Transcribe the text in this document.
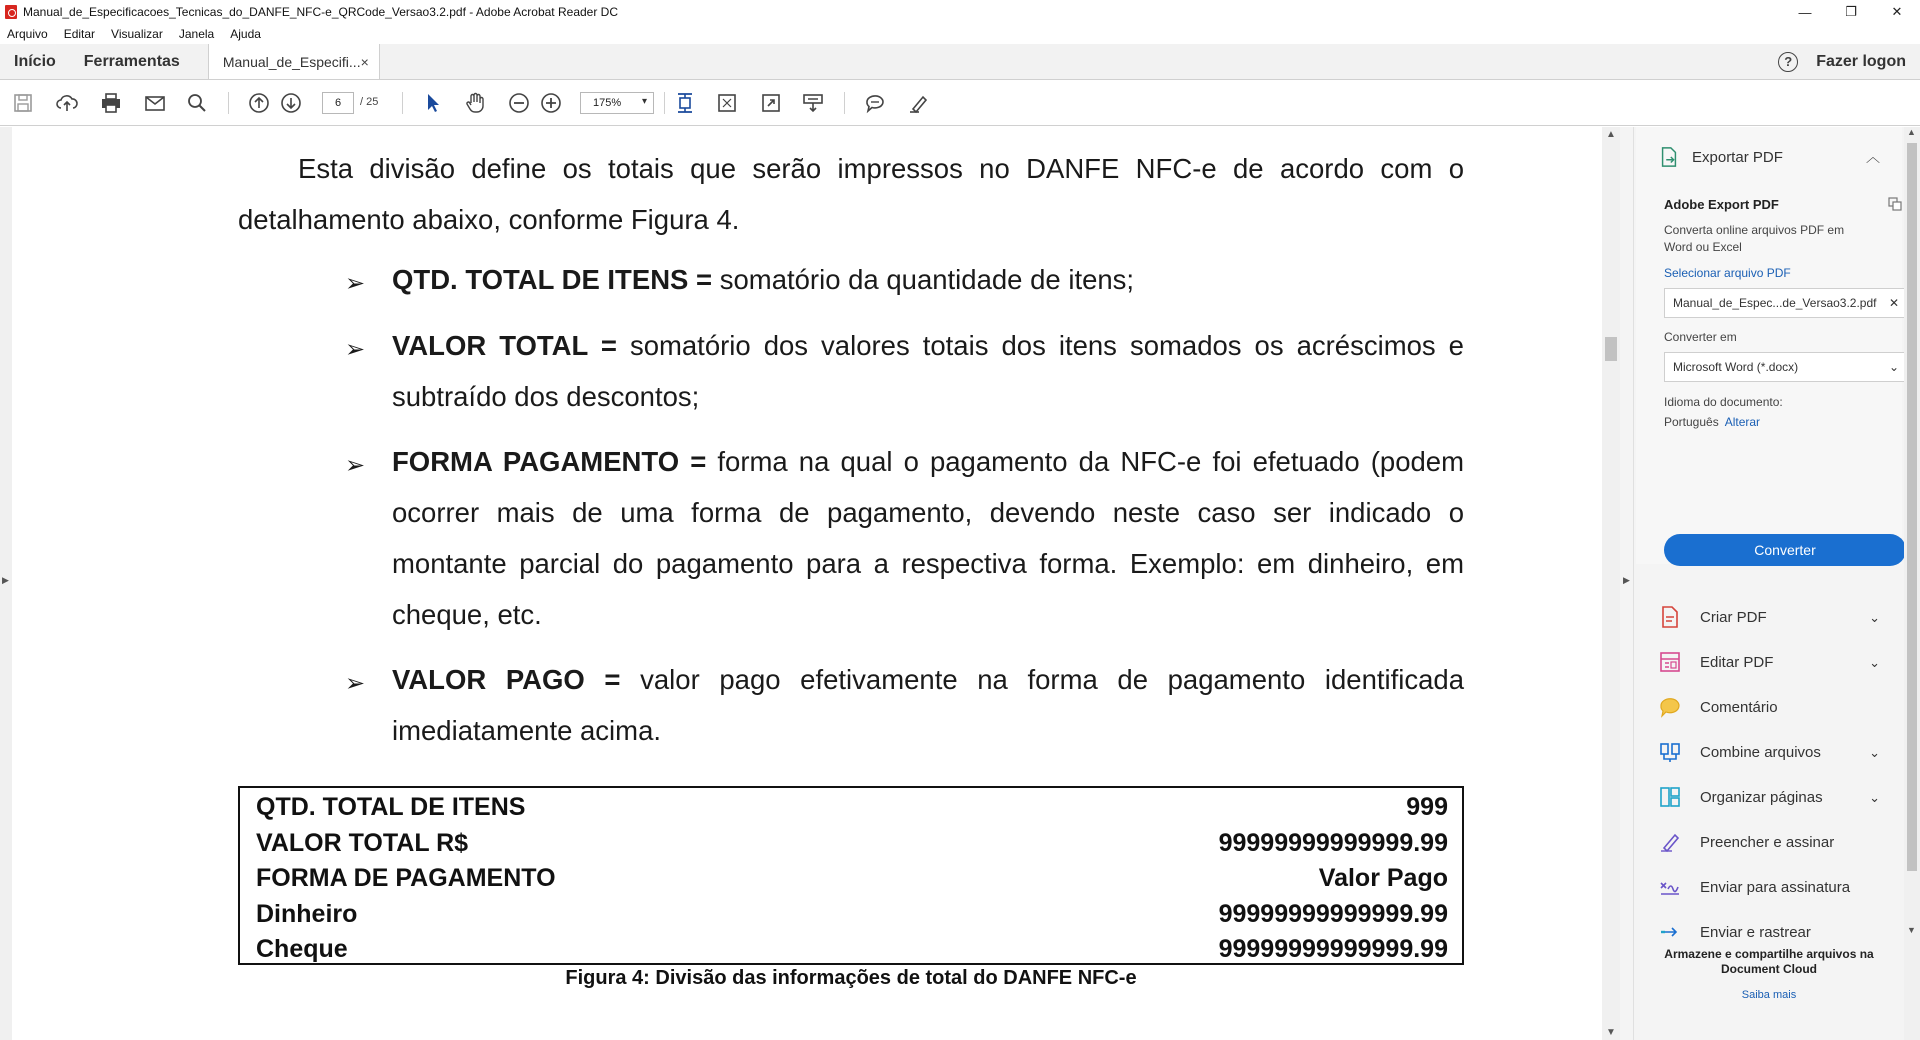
Manual_de_Especificacoes_Tecnicas_do_DANFE_NFC-e_QRCode_Versao3.2.pdf - Adobe Acrobat Reader DC	—	❐	✕
Arquivo Editar Visualizar Janela Ajuda
Início	Ferramentas	Manual_de_Especifi... ×	?	Fazer logon
6	/ 25	175% ▾
▶

Esta divisão define os totais que serão impressos no DANFE NFC-e de acordo com o detalhamento abaixo, conforme Figura 4.

➢ QTD. TOTAL DE ITENS = somatório da quantidade de itens;

➢ VALOR TOTAL = somatório dos valores totais dos itens somados os acréscimos e subtraído dos descontos;

➢ FORMA PAGAMENTO = forma na qual o pagamento da NFC-e foi efetuado (podem ocorrer mais de uma forma de pagamento, devendo neste caso ser indicado o montante parcial do pagamento para a respectiva forma. Exemplo: em dinheiro, em cheque, etc.

➢ VALOR PAGO = valor pago efetivamente na forma de pagamento identificada imediatamente acima.

QTD. TOTAL DE ITENS	999
VALOR TOTAL R$	99999999999999.99
FORMA DE PAGAMENTO	Valor Pago
Dinheiro	99999999999999.99
Cheque	99999999999999.99
Figura 4: Divisão das informações de total do DANFE NFC-e
▲
▼
▶
Exportar PDF	︿
Adobe Export PDF
Converta online arquivos PDF em Word ou Excel
Selecionar arquivo PDF
Manual_de_Espec...de_Versao3.2.pdf ✕
Converter em
Microsoft Word (*.docx)	⌄
Idioma do documento:
Português Alterar
Converter
Criar PDF	⌄
Editar PDF	⌄
Comentário
Combine arquivos	⌄
Organizar páginas	⌄
Preencher e assinar
Enviar para assinatura
Enviar e rastrear
Armazene e compartilhe arquivos na Document Cloud
Saiba mais
▲
▼
